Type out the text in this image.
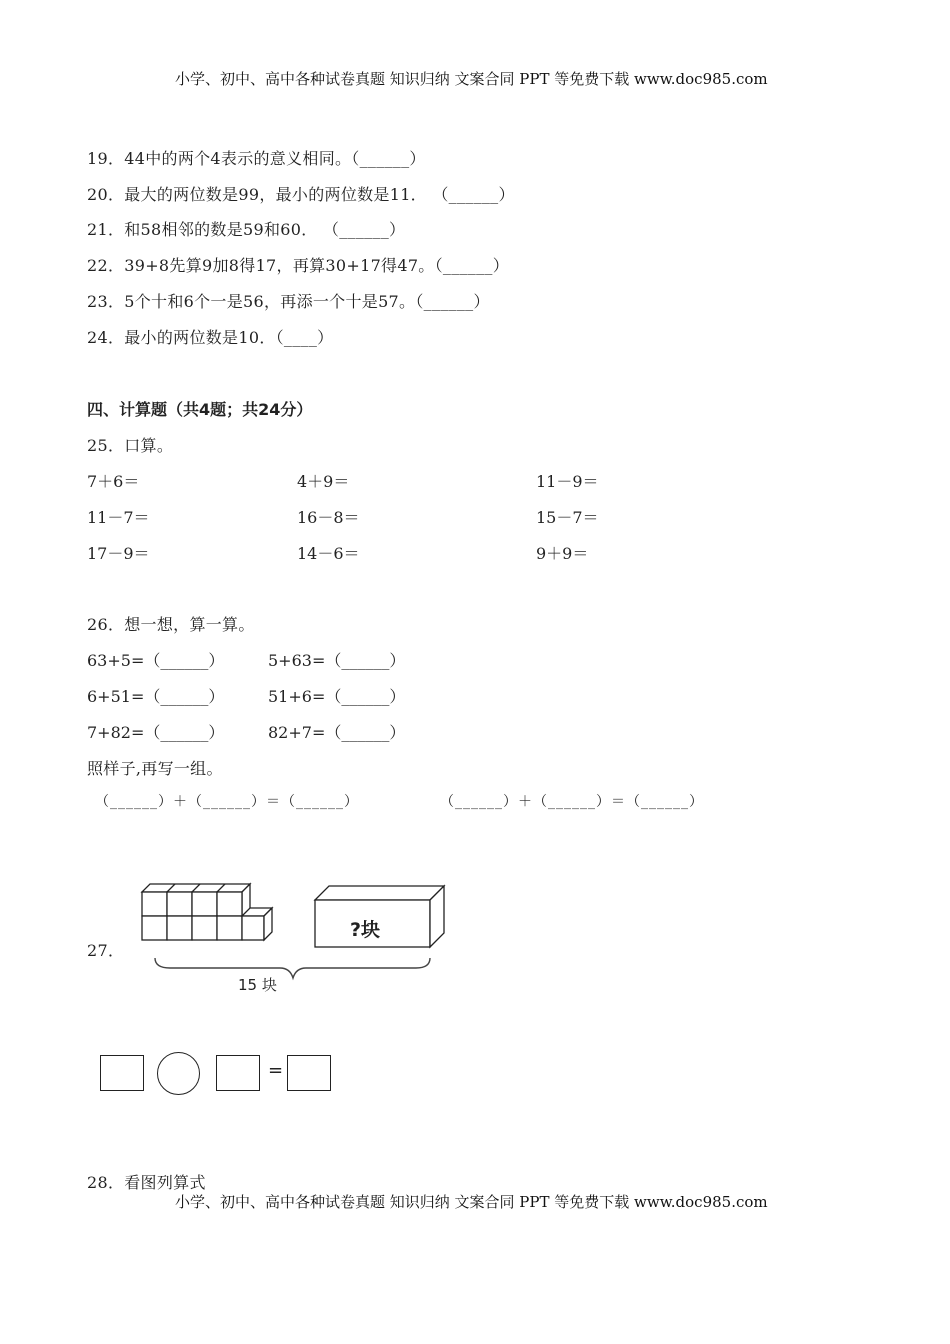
小学、初中、高中各种试卷真题 知识归纳 文案合同 PPT 等免费下载 www.doc985.com
19．44中的两个4表示的意义相同。（______）
20．最大的两位数是99，最小的两位数是11． （______）
21．和58相邻的数是59和60． （______）
22．39+8先算9加8得17，再算30+17得47。（______）
23．5个十和6个一是56，再添一个十是57。（______）
24．最小的两位数是10．（____）
四、计算题（共4题；共24分）
25．口算。
7＋6＝	4＋9＝	11－9＝
11－7＝	16－8＝	15－7＝
17－9＝	14－6＝	9＋9＝
26．想一想，算一算。
63+5=（______）	5+63=（______）
6+51=（______）	51+6=（______）
7+82=（______）	82+7=（______）
照样子,再写一组。
（______）＋（______）＝（______）	（______）＋（______）＝（______）
27．
?块
15 块
=
28．看图列算式
小学、初中、高中各种试卷真题 知识归纳 文案合同 PPT 等免费下载 www.doc985.com
